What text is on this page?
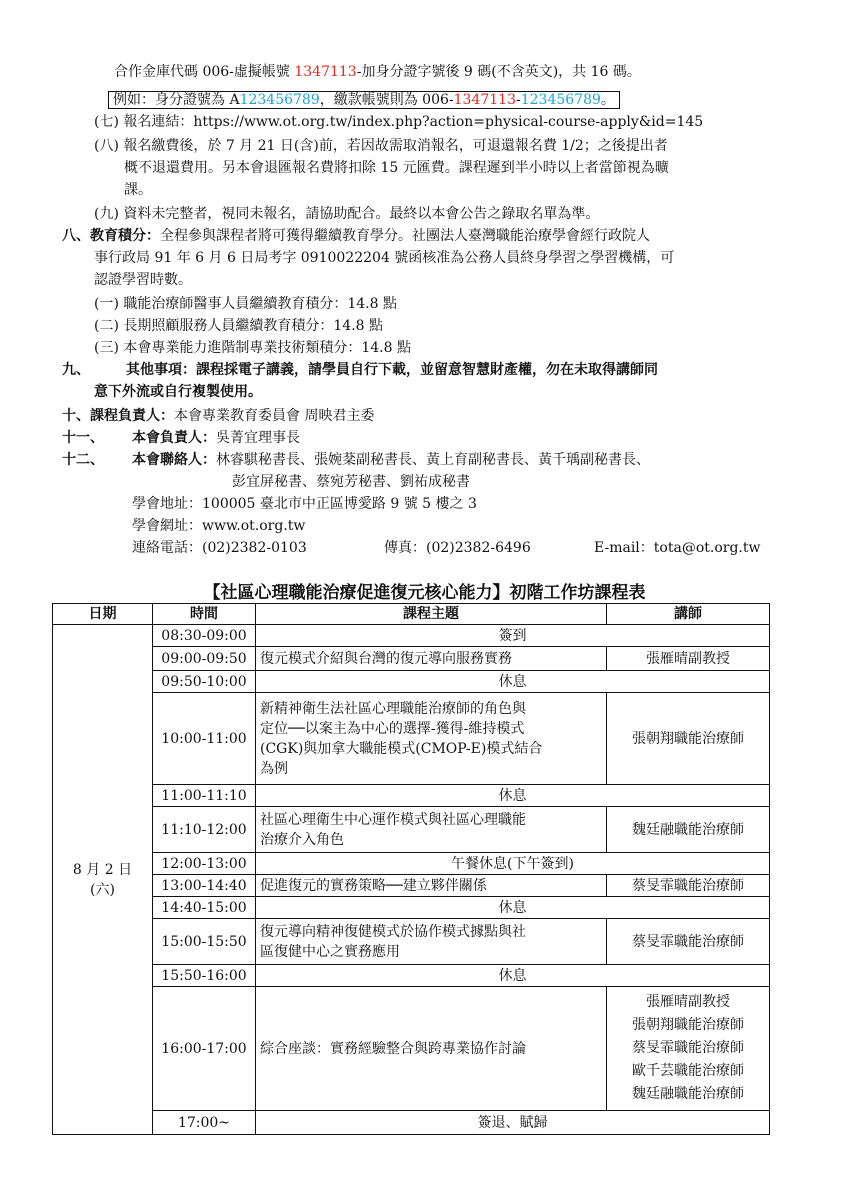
合作金庫代碼 006-虛擬帳號 1347113-加身分證字號後 9 碼(不含英文)，共 16 碼。
例如：身分證號為 A123456789，繳款帳號則為 006-1347113-123456789。
(七) 報名連結：https://www.ot.org.tw/index.php?action=physical-course-apply&id=145
(八) 報名繳費後，於 7 月 21 日(含)前，若因故需取消報名，可退還報名費 1/2；之後提出者
概不退還費用。另本會退匯報名費將扣除 15 元匯費。課程遲到半小時以上者當節視為曠
課。
(九) 資料未完整者，視同未報名，請協助配合。最終以本會公告之錄取名單為準。
八、教育積分：全程參與課程者將可獲得繼續教育學分。社團法人臺灣職能治療學會經行政院人
事行政局 91 年 6 月 6 日局考字 0910022204 號函核准為公務人員終身學習之學習機構，可
認證學習時數。
(一) 職能治療師醫事人員繼續教育積分：14.8 點
(二) 長期照顧服務人員繼續教育積分：14.8 點
(三) 本會專業能力進階制專業技術類積分：14.8 點
九、	其他事項：課程採電子講義，請學員自行下載，並留意智慧財產權，勿在未取得講師同
意下外流或自行複製使用。
十、課程負責人：本會專業教育委員會 周映君主委
十一、 本會負責人：吳菁宜理事長
十二、 本會聯絡人：林睿騏秘書長、張婉棻副秘書長、黃上育副秘書長、黃千瑀副秘書長、
彭宜屏秘書、蔡宛芳秘書、劉祐成秘書
學會地址：100005 臺北市中正區博愛路 9 號 5 樓之 3
學會網址：www.ot.org.tw
連絡電話：(02)2382-0103	傳真：(02)2382-6496	E-mail：tota@ot.org.tw
【社區心理職能治療促進復元核心能力】初階工作坊課程表
日期	時間	課程主題	講師

8 月 2 日
(六)	08:30-09:00	簽到	
	09:00-09:50	復元模式介紹與台灣的復元導向服務實務	張雁晴副教授
	09:50-10:00	休息	
	10:00-11:00	新精神衛生法社區心理職能治療師的角色與
定位──以案主為中心的選擇-獲得-維持模式
(CGK)與加拿大職能模式(CMOP-E)模式結合
為例	張朝翔職能治療師
	11:00-11:10	休息	
	11:10-12:00	社區心理衛生中心運作模式與社區心理職能
治療介入角色	魏廷融職能治療師
	12:00-13:00	午餐休息(下午簽到)	
	13:00-14:40	促進復元的實務策略──建立夥伴關係	蔡旻霏職能治療師
	14:40-15:00	休息	
	15:00-15:50	復元導向精神復健模式於協作模式據點與社
區復健中心之實務應用	蔡旻霏職能治療師
	15:50-16:00	休息	
	16:00-17:00	綜合座談：實務經驗整合與跨專業協作討論	張雁晴副教授
張朝翔職能治療師
蔡旻霏職能治療師
歐千芸職能治療師
魏廷融職能治療師

	17:00~	簽退、賦歸	
